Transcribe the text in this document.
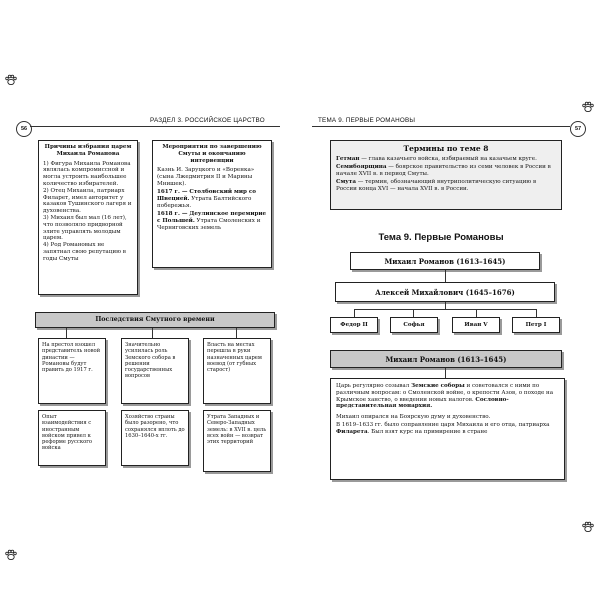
56
РАЗДЕЛ 3. РОССИЙСКОЕ ЦАРСТВО
Причины избрания царем Михаила Романова
1) Фигура Михаила Романова являлась компромиссной и могла устроить наибольшее количество избирателей.
2) Отец Михаила, патриарх Филарет, имел авторитет у казаков Тушинского лагеря и духовенства.
3) Михаил был мал (16 лет), что позволяло придворной элите управлять молодым царем.
4) Род Романовых не запятнал свою репутацию в годы Смуты
Мероприятия по завершению Смуты и окончанию интервенции
Казнь И. Заруцкого и «Воренка» (сына Лжедмитрия II и Марины Мнишек).
1617 г. — Столбовский мир со Швецией. Утрата Балтийского побережья.
1618 г. — Деулинское перемирие с Польшей. Утрата Смоленских и Черниговских земель
Последствия Смутного времени
На престол взошел представитель новой династии — Романовы будут править до 1917 г.
Опыт взаимодействия с иностранным войском привел к реформе русского войска
Значительно усилилась роль Земского собора в решении государственных вопросов
Хозяйство страны было разорено, что сохранялся вплоть до 1630–1640-х гг.
Власть на местах перешла в руки назначенных царем воевод (от губных старост)
Утрата Западных и Северо-Западных земель: в XVII в. цель всех войн — возврат этих территорий
57
ТЕМА 9. ПЕРВЫЕ РОМАНОВЫ
Термины по теме 8
Гетман — глава казачьего войска, избираемый на казачьем круге.
Семибоярщина — боярское правительство из семи человек в России в начале XVII в. в период Смуты.
Смута — термин, обозначающий внутриполитическую ситуацию в России конца XVI — начала XVII в. в России.
Тема 9. Первые Романовы
Михаил Романов (1613–1645)
Алексей Михайлович (1645–1676)
Федор II	Софья	Иван V	Петр I
Михаил Романов (1613–1645)
Царь регулярно созывал Земские соборы и советовался с ними по различным вопросам: о Смоленской войне, о крепости Азов, о походе на Крымское ханство, о введении новых налогов. Сословно-представительная монархия.
Михаил опирался на Боярскую думу и духовенство.
В 1619–1633 гг. было соправление царя Михаила и его отца, патриарха Филарета. Был взят курс на примирение в стране
